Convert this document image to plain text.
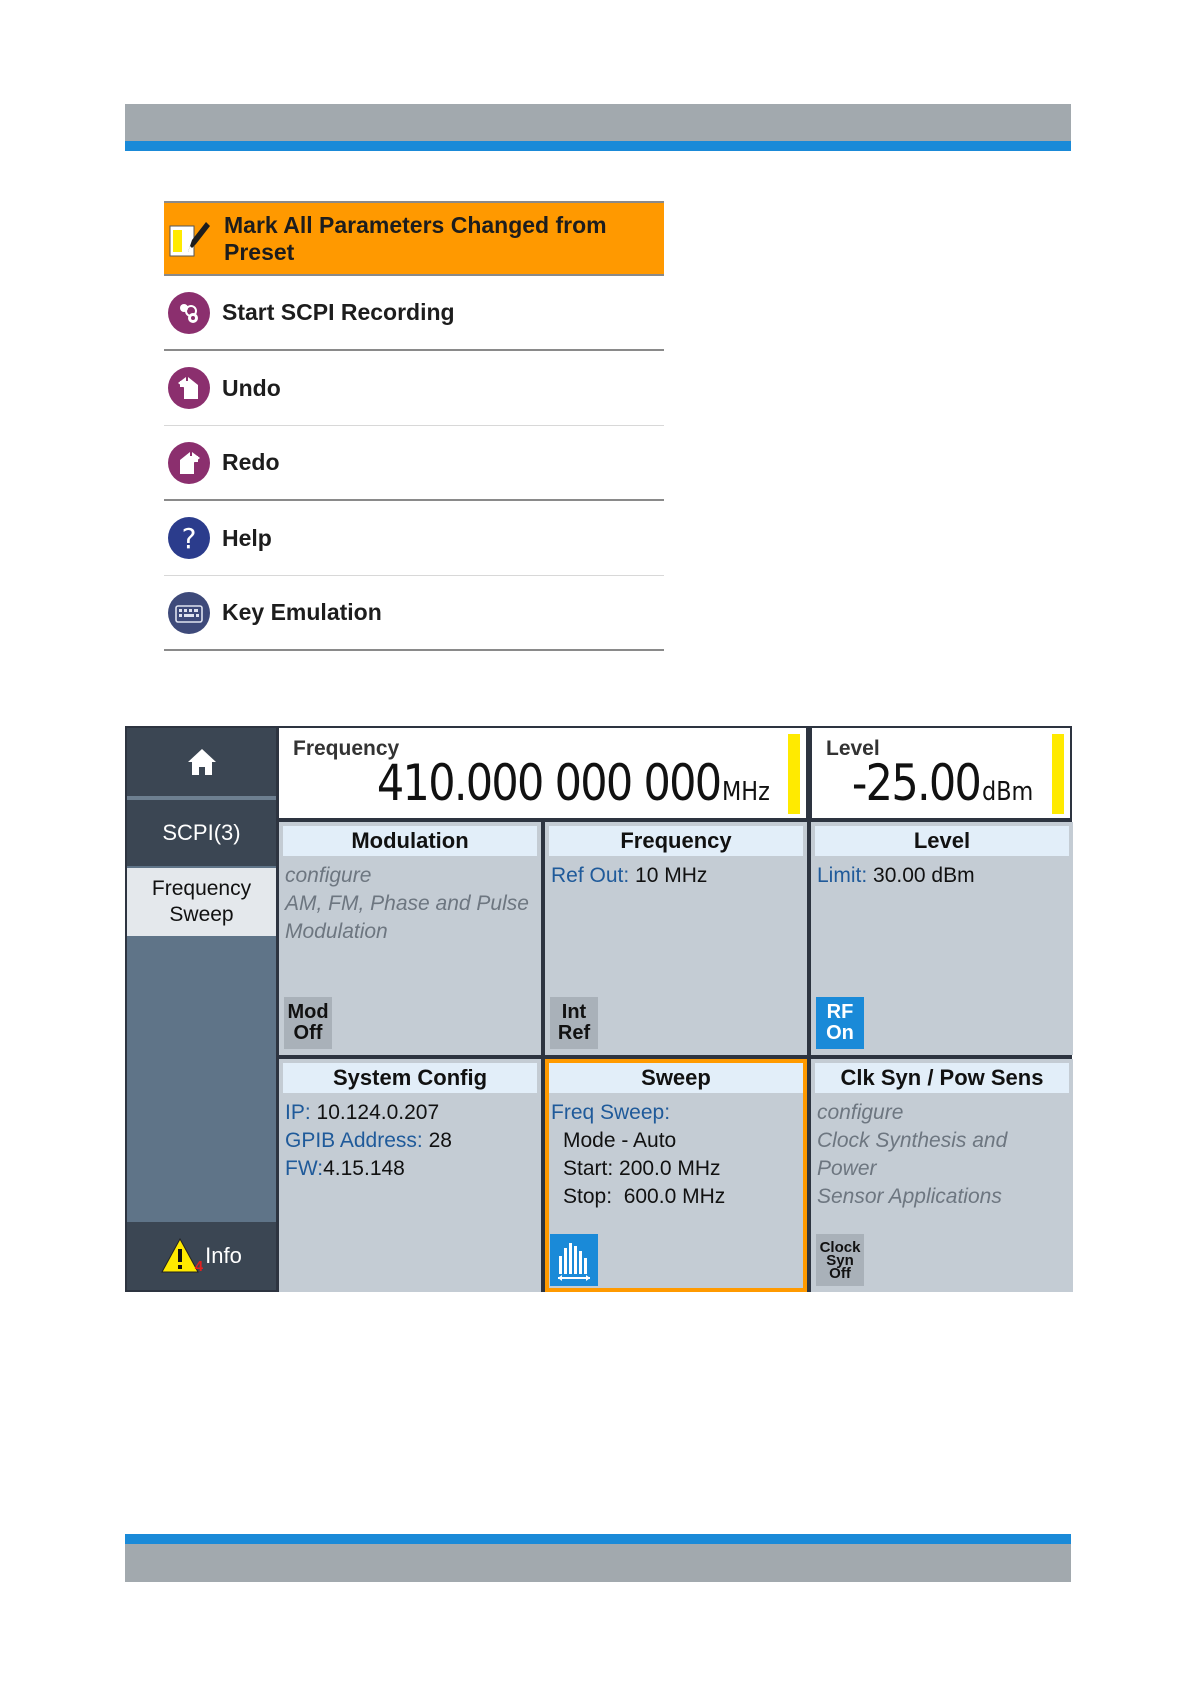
Mark All Parameters Changed from Preset
Start SCPI Recording
Undo
Redo
? Help
Key Emulation
SCPI(3)
Frequency
Sweep
4 Info
Frequency
410.000 000 000 MHz
Level
-25.00 dBm
Modulation
configure
AM, FM, Phase and Pulse
Modulation
Mod
Off
Frequency
Ref Out: 10 MHz
Int
Ref
Level
Limit: 30.00 dBm
RF
On
System Config
IP: 10.124.0.207
GPIB Address: 28
FW:4.15.148
Sweep
Freq Sweep:
Mode - Auto
Start: 200.0 MHz
Stop:  600.0 MHz
Clk Syn / Pow Sens
configure
Clock Synthesis and Power
Sensor Applications
Clock
Syn
Off
